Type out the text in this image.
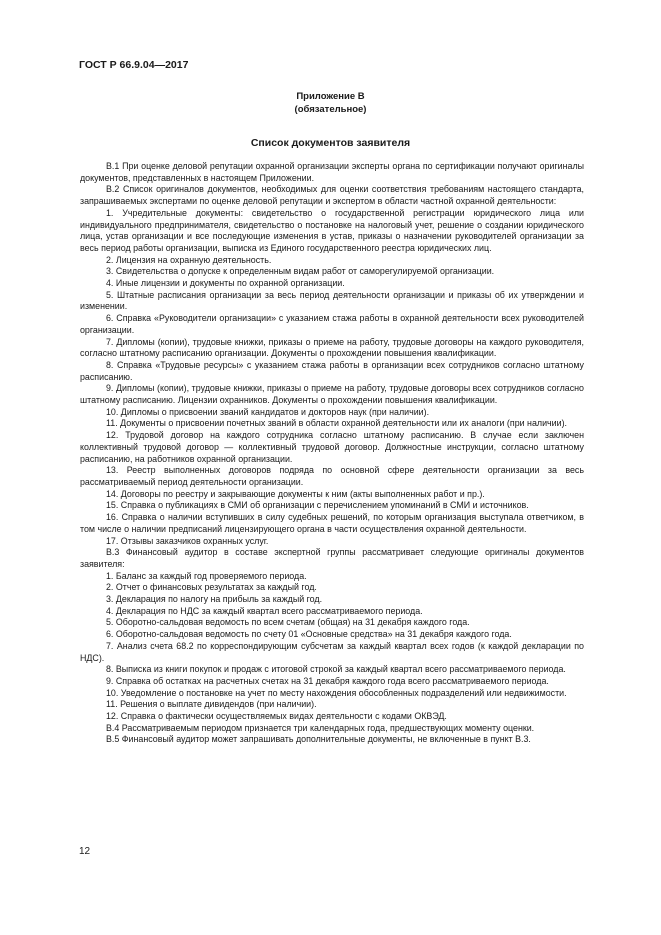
ГОСТ Р 66.9.04—2017
Приложение В
(обязательное)
Список документов заявителя

В.1 При оценке деловой репутации охранной организации эксперты органа по сертификации получают оригиналы документов, представленных в настоящем Приложении.

В.2 Список оригиналов документов, необходимых для оценки соответствия требованиям настоящего стандарта, запрашиваемых экспертами по оценке деловой репутации и экспертом в области частной охранной деятельности:

1. Учредительные документы: свидетельство о государственной регистрации юридического лица или индивидуального предпринимателя, свидетельство о постановке на налоговый учет, решение о создании юридического лица, устав организации и все последующие изменения в устав, приказы о назначении руководителей организации за весь период работы организации, выписка из Единого государственного реестра юридических лиц.

2. Лицензия на охранную деятельность.

3. Свидетельства о допуске к определенным видам работ от саморегулируемой организации.

4. Иные лицензии и документы по охранной организации.

5. Штатные расписания организации за весь период деятельности организации и приказы об их утверждении и изменении.

6. Справка «Руководители организации» с указанием стажа работы в охранной деятельности всех руководителей организации.

7. Дипломы (копии), трудовые книжки, приказы о приеме на работу, трудовые договоры на каждого руководителя, согласно штатному расписанию организации. Документы о прохождении повышения квалификации.

8. Справка «Трудовые ресурсы» с указанием стажа работы в организации всех сотрудников согласно штатному расписанию.

9. Дипломы (копии), трудовые книжки, приказы о приеме на работу, трудовые договоры всех сотрудников согласно штатному расписанию. Лицензии охранников. Документы о прохождении повышения квалификации.

10. Дипломы о присвоении званий кандидатов и докторов наук (при наличии).

11. Документы о присвоении почетных званий в области охранной деятельности или их аналоги (при наличии).

12. Трудовой договор на каждого сотрудника согласно штатному расписанию. В случае если заключен коллективный трудовой договор — коллективный трудовой договор. Должностные инструкции, согласно штатному расписанию, на работников охранной организации.

13. Реестр выполненных договоров подряда по основной сфере деятельности организации за весь рассматриваемый период деятельности организации.

14. Договоры по реестру и закрывающие документы к ним (акты выполненных работ и пр.).

15. Справка о публикациях в СМИ об организации с перечислением упоминаний в СМИ и источников.

16. Справка о наличии вступивших в силу судебных решений, по которым организация выступала ответчиком, в том числе о наличии предписаний лицензирующего органа в части осуществления охранной деятельности.

17. Отзывы заказчиков охранных услуг.

В.3 Финансовый аудитор в составе экспертной группы рассматривает следующие оригиналы документов заявителя:

1. Баланс за каждый год проверяемого периода.

2. Отчет о финансовых результатах за каждый год.

3. Декларация по налогу на прибыль за каждый год.

4. Декларация по НДС за каждый квартал всего рассматриваемого периода.

5. Оборотно-сальдовая ведомость по всем счетам (общая) на 31 декабря каждого года.

6. Оборотно-сальдовая ведомость по счету 01 «Основные средства» на 31 декабря каждого года.

7. Анализ счета 68.2 по корреспондирующим субсчетам за каждый квартал всех годов (к каждой декларации по НДС).

8. Выписка из книги покупок и продаж с итоговой строкой за каждый квартал всего рассматриваемого периода.

9. Справка об остатках на расчетных счетах на 31 декабря каждого года всего рассматриваемого периода.

10. Уведомление о постановке на учет по месту нахождения обособленных подразделений или недвижимости.

11. Решения о выплате дивидендов (при наличии).

12. Справка о фактически осуществляемых видах деятельности с кодами ОКВЭД.

В.4 Рассматриваемым периодом признается три календарных года, предшествующих моменту оценки.

В.5 Финансовый аудитор может запрашивать дополнительные документы, не включенные в пункт В.3.

12
